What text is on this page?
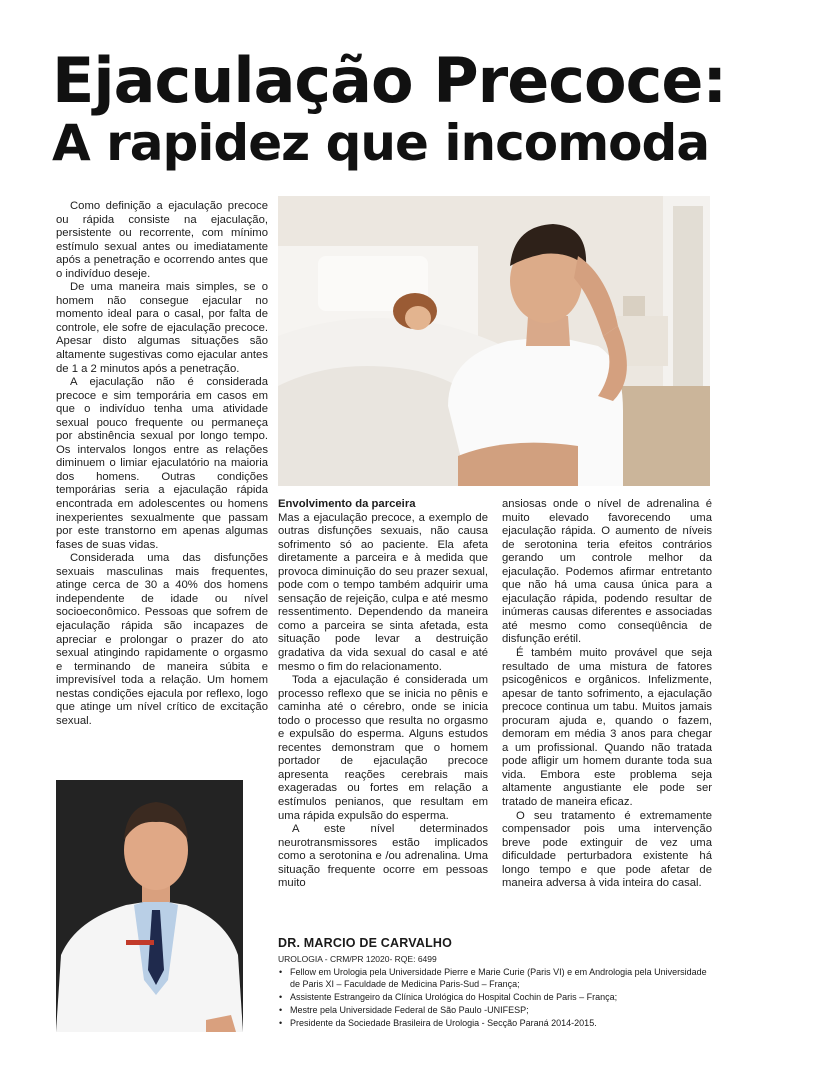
Ejaculação Precoce:
A rapidez que incomoda

Como definição a ejaculação precoce ou rápida consiste na ejaculação, persistente ou recorrente, com mínimo estímulo sexual antes ou imediatamente após a penetração e ocorrendo antes que o indivíduo deseje.

De uma maneira mais simples, se o homem não consegue ejacular no momento ideal para o casal, por falta de controle, ele sofre de ejaculação precoce. Apesar disto algumas situações são altamente sugestivas como ejacular antes de 1 a 2 minutos após a penetração.

A ejaculação não é considerada precoce e sim temporária em casos em que o indivíduo tenha uma atividade sexual pouco frequente ou permaneça por abstinência sexual por longo tempo. Os intervalos longos entre as relações diminuem o limiar ejaculatório na maioria dos homens. Outras condições temporárias seria a ejaculação rápida encontrada em adolescentes ou homens inexperientes sexualmente que passam por este transtorno em apenas algumas fases de suas vidas.

Considerada uma das disfunções sexuais masculinas mais frequentes, atinge cerca de 30 a 40% dos homens independente de idade ou nível socioeconômico. Pessoas que sofrem de ejaculação rápida são incapazes de apreciar e prolongar o prazer do ato sexual atingindo rapidamente o orgasmo e terminando de maneira súbita e imprevisível toda a relação. Um homem nestas condições ejacula por reflexo, logo que atinge um nível crítico de excitação sexual.

Envolvimento da parceira

Mas a ejaculação precoce, a exemplo de outras disfunções sexuais, não causa sofrimento só ao paciente. Ela afeta diretamente a parceira e à medida que provoca diminuição do seu prazer sexual, pode com o tempo também adquirir uma sensação de rejeição, culpa e até mesmo ressentimento. Dependendo da maneira como a parceira se sinta afetada, esta situação pode levar a destruição gradativa da vida sexual do casal e até mesmo o fim do relacionamento.

Toda a ejaculação é considerada um processo reflexo que se inicia no pênis e caminha até o cérebro, onde se inicia todo o processo que resulta no orgasmo e expulsão do esperma. Alguns estudos recentes demonstram que o homem portador de ejaculação precoce apresenta reações cerebrais mais exageradas ou fortes em relação a estímulos penianos, que resultam em uma rápida expulsão do esperma.

A este nível determinados neurotransmissores estão implicados como a serotonina e /ou adrenalina. Uma situação frequente ocorre em pessoas muito

ansiosas onde o nível de adrenalina é muito elevado favorecendo uma ejaculação rápida. O aumento de níveis de serotonina teria efeitos contrários gerando um controle melhor da ejaculação. Podemos afirmar entretanto que não há uma causa única para a ejaculação rápida, podendo resultar de inúmeras causas diferentes e associadas até mesmo como conseqüência de disfunção erétil.

É também muito provável que seja resultado de uma mistura de fatores psicogênicos e orgânicos. Infelizmente, apesar de tanto sofrimento, a ejaculação precoce continua um tabu. Muitos jamais procuram ajuda e, quando o fazem, demoram em média 3 anos para chegar a um profissional. Quando não tratada pode afligir um homem durante toda sua vida. Embora este problema seja altamente angustiante ele pode ser tratado de maneira eficaz.

O seu tratamento é extremamente compensador pois uma intervenção breve pode extinguir de vez uma dificuldade perturbadora existente há longo tempo e que pode afetar de maneira adversa à vida inteira do casal.

DR. MARCIO DE CARVALHO

UROLOGIA - CRM/PR 12020- RQE: 6499

• Fellow em Urologia pela Universidade Pierre e Marie Curie (Paris VI) e em Andrologia pela Universidade de Paris XI – Faculdade de Medicina Paris-Sud – França;
• Assistente Estrangeiro da Clínica Urológica do Hospital Cochin de Paris – França;
• Mestre pela Universidade Federal de São Paulo -UNIFESP;
• Presidente da Sociedade Brasileira de Urologia - Secção Paraná 2014-2015.
